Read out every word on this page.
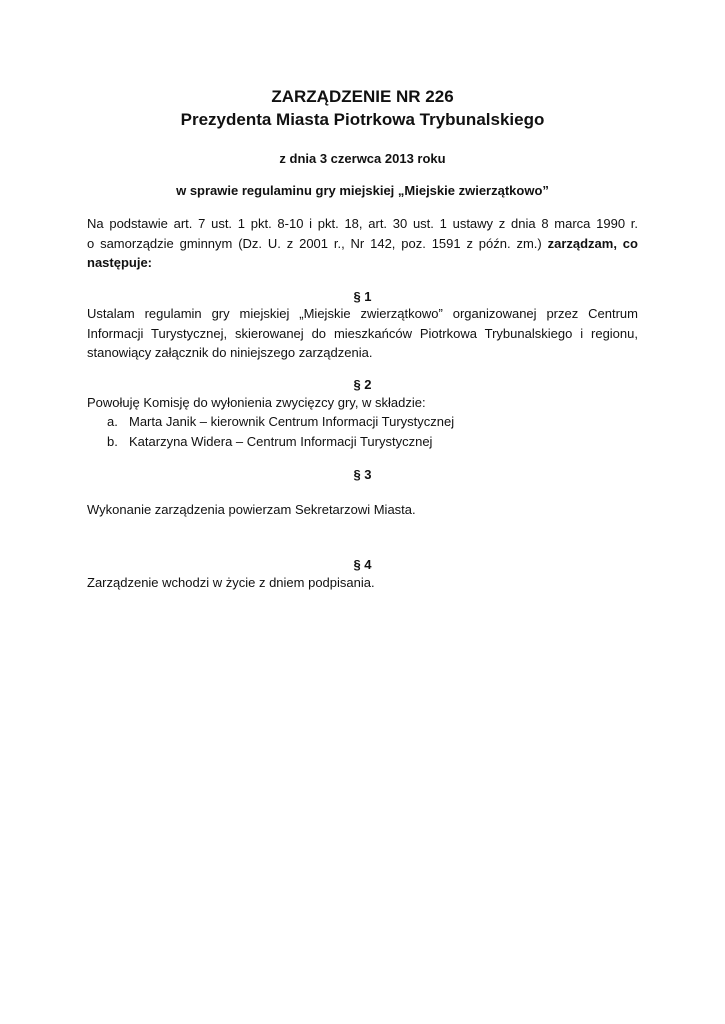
ZARZĄDZENIE NR 226
Prezydenta Miasta Piotrkowa Trybunalskiego
z dnia 3 czerwca 2013 roku
w sprawie regulaminu gry miejskiej „Miejskie zwierzątkowo”
Na podstawie art. 7 ust. 1 pkt. 8-10 i pkt. 18, art. 30 ust. 1 ustawy z dnia 8 marca 1990 r.
o samorządzie gminnym (Dz. U. z 2001 r., Nr 142, poz. 1591 z późn. zm.) zarządzam, co
następuje:
§ 1
Ustalam regulamin gry miejskiej „Miejskie zwierzątkowo” organizowanej przez Centrum
Informacji Turystycznej, skierowanej do mieszkańców Piotrkowa Trybunalskiego i regionu,
stanowiący załącznik do niniejszego zarządzenia.
§ 2
Powołuję Komisję do wyłonienia zwycięzcy gry, w składzie:
a. Marta Janik – kierownik Centrum Informacji Turystycznej
b. Katarzyna Widera – Centrum Informacji Turystycznej
§ 3
Wykonanie zarządzenia powierzam Sekretarzowi Miasta.
§ 4
Zarządzenie wchodzi w życie z dniem podpisania.
